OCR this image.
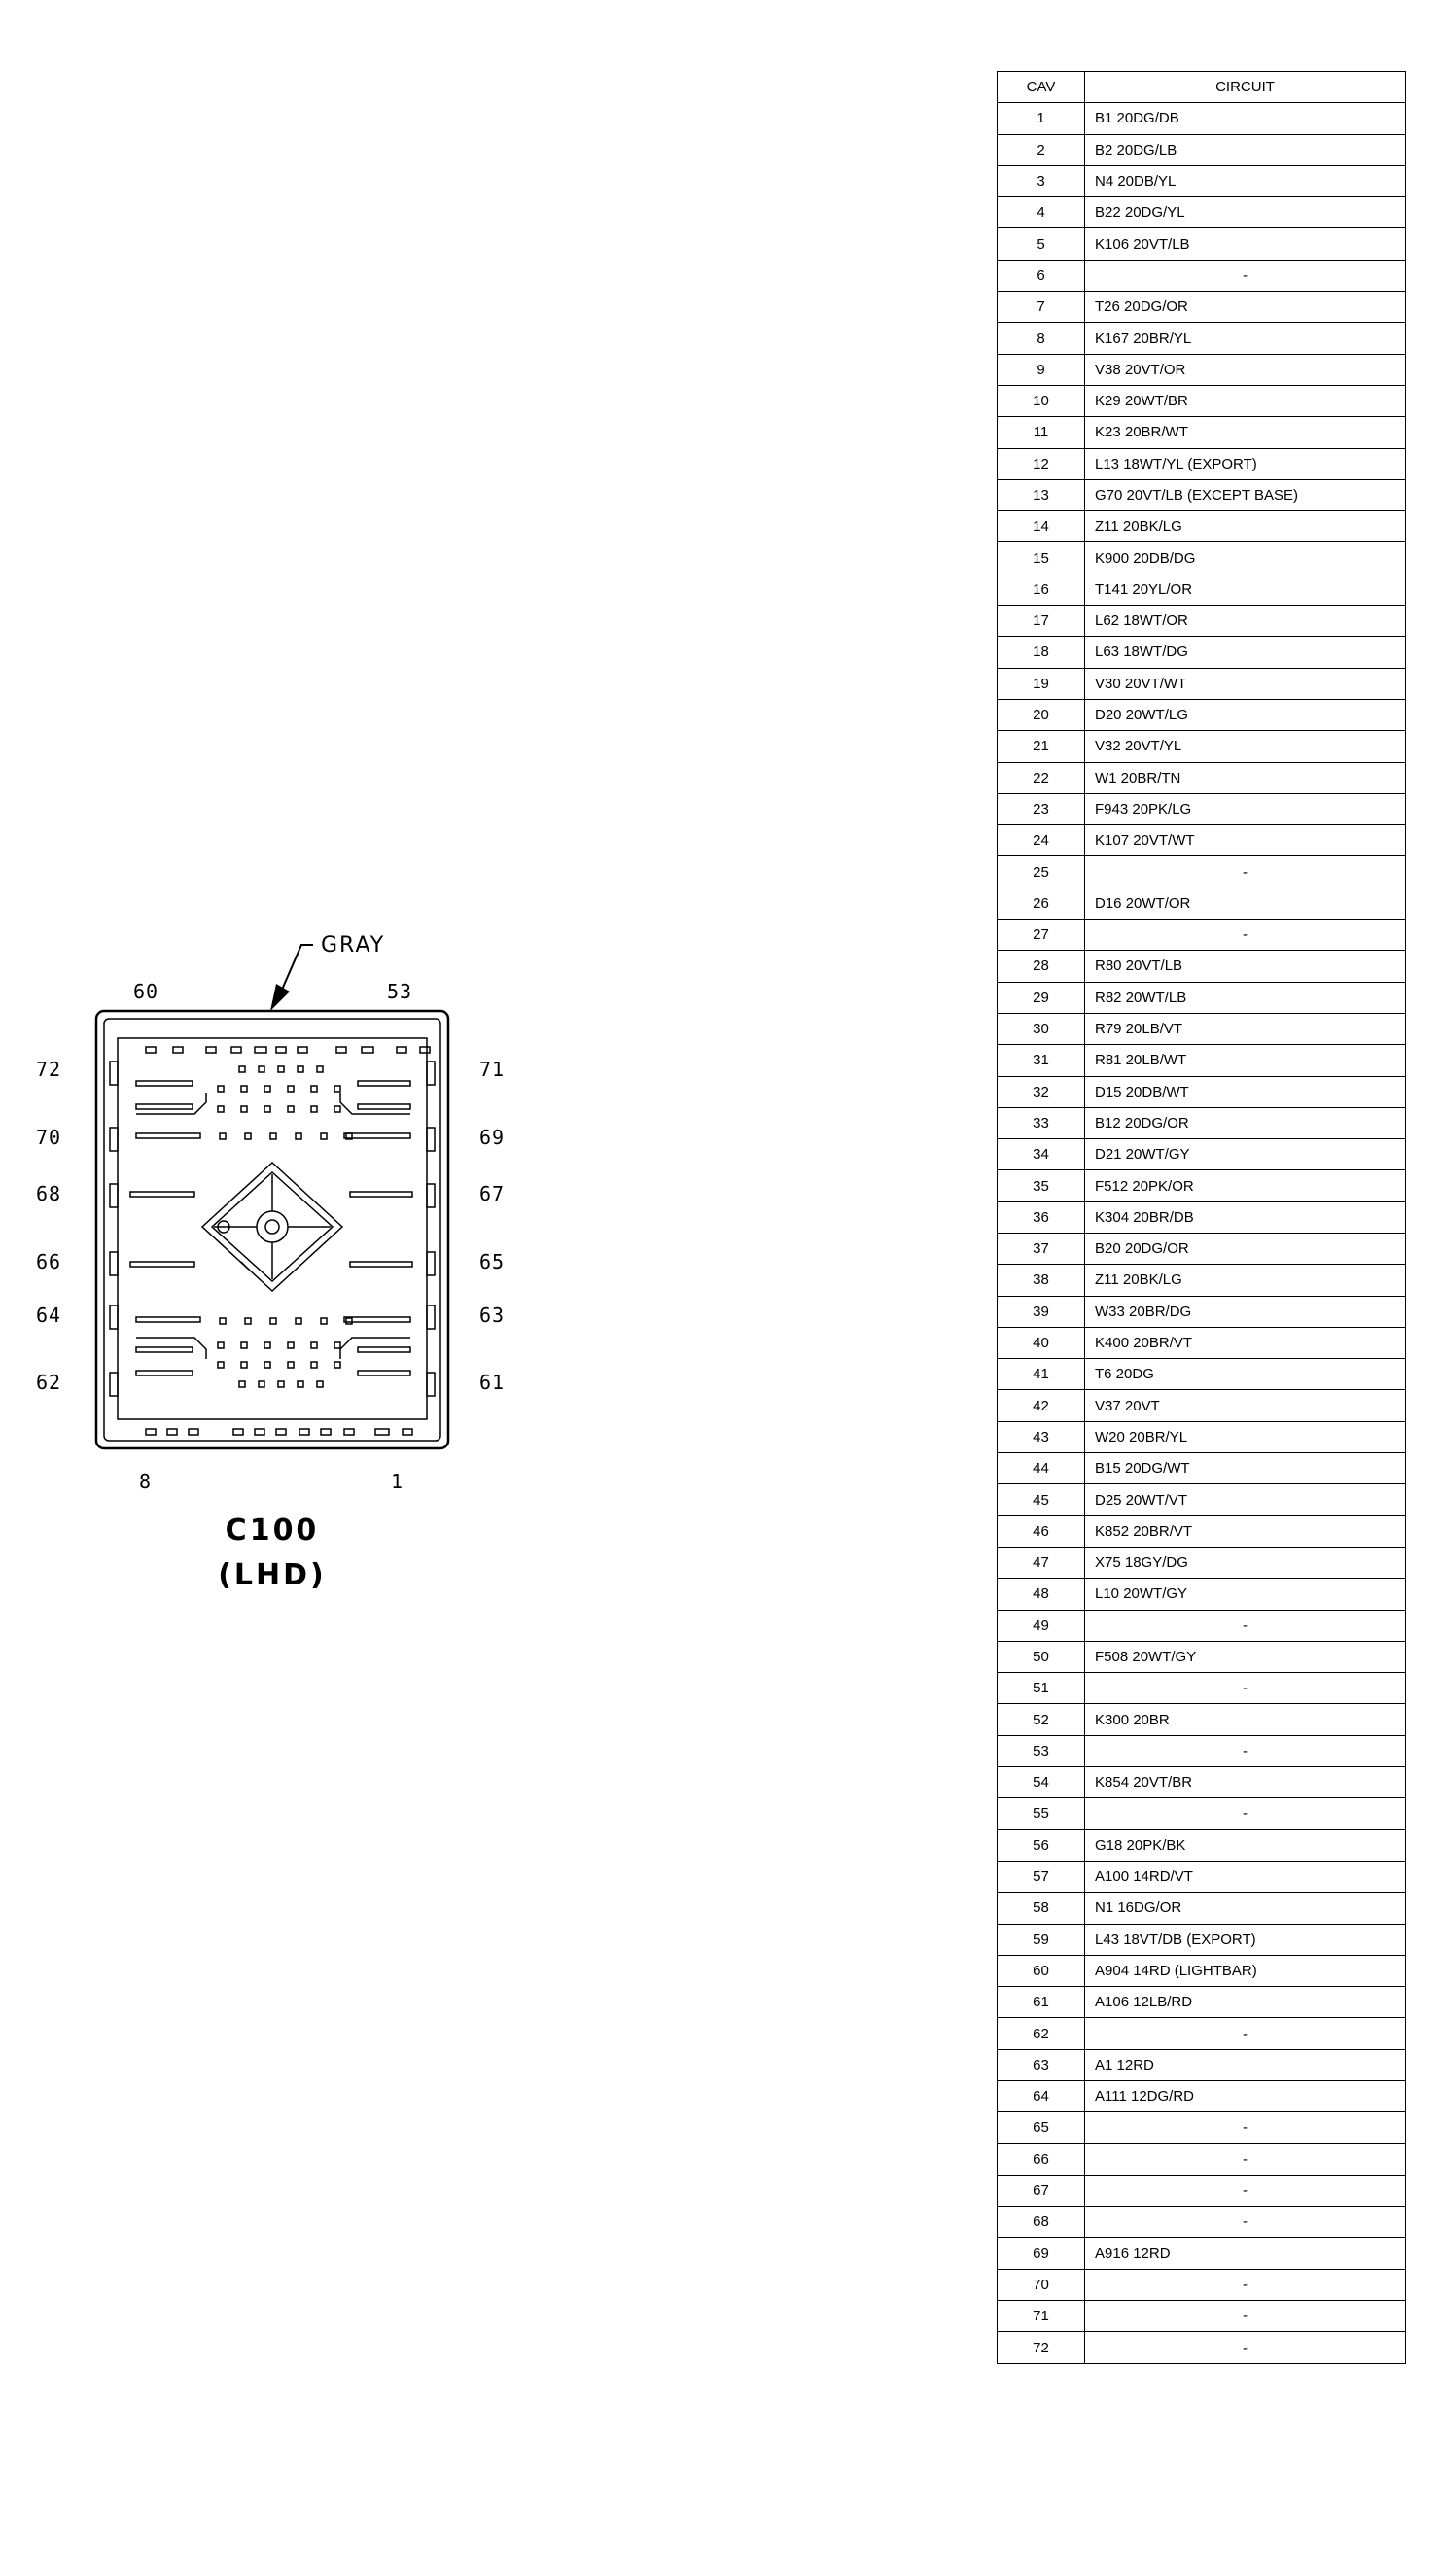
GRAY
60	53
8	1
72
70
68
66
64
62
71
69
67
65
63
61
C100
(LHD)
CAV	CIRCUIT
1	B1 20DG/DB
2	B2 20DG/LB
3	N4 20DB/YL
4	B22 20DG/YL
5	K106 20VT/LB
6	-
7	T26 20DG/OR
8	K167 20BR/YL
9	V38 20VT/OR
10	K29 20WT/BR
11	K23 20BR/WT
12	L13 18WT/YL (EXPORT)
13	G70 20VT/LB (EXCEPT BASE)
14	Z11 20BK/LG
15	K900 20DB/DG
16	T141 20YL/OR
17	L62 18WT/OR
18	L63 18WT/DG
19	V30 20VT/WT
20	D20 20WT/LG
21	V32 20VT/YL
22	W1 20BR/TN
23	F943 20PK/LG
24	K107 20VT/WT
25	-
26	D16 20WT/OR
27	-
28	R80 20VT/LB
29	R82 20WT/LB
30	R79 20LB/VT
31	R81 20LB/WT
32	D15 20DB/WT
33	B12 20DG/OR
34	D21 20WT/GY
35	F512 20PK/OR
36	K304 20BR/DB
37	B20 20DG/OR
38	Z11 20BK/LG
39	W33 20BR/DG
40	K400 20BR/VT
41	T6 20DG
42	V37 20VT
43	W20 20BR/YL
44	B15 20DG/WT
45	D25 20WT/VT
46	K852 20BR/VT
47	X75 18GY/DG
48	L10 20WT/GY
49	-
50	F508 20WT/GY
51	-
52	K300 20BR
53	-
54	K854 20VT/BR
55	-
56	G18 20PK/BK
57	A100 14RD/VT
58	N1 16DG/OR
59	L43 18VT/DB (EXPORT)
60	A904 14RD (LIGHTBAR)
61	A106 12LB/RD
62	-
63	A1 12RD
64	A111 12DG/RD
65	-
66	-
67	-
68	-
69	A916 12RD
70	-
71	-
72	-
